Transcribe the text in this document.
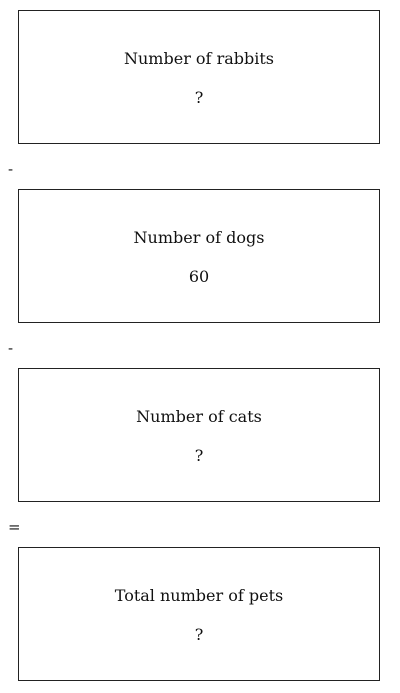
Number of rabbits
?
-
Number of dogs
60
-
Number of cats
?
=
Total number of pets
?
